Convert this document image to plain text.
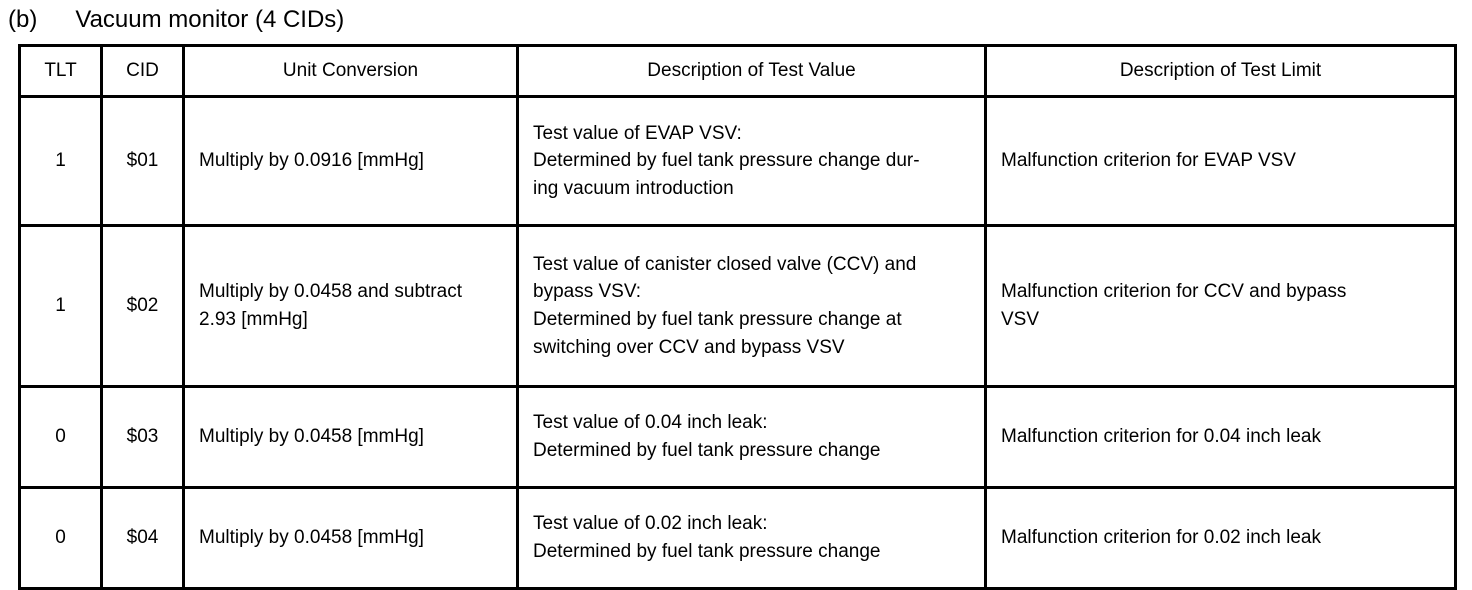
(b) Vacuum monitor (4 CIDs)
TLT	CID	Unit Conversion	Description of Test Value	Description of Test Limit
1	$01	Multiply by 0.0916 [mmHg]	Test value of EVAP VSV:
Determined by fuel tank pressure change dur-
ing vacuum introduction	Malfunction criterion for EVAP VSV

1	$02	Multiply by 0.0458 and subtract
2.93 [mmHg]	Test value of canister closed valve (CCV) and
bypass VSV:
Determined by fuel tank pressure change at
switching over CCV and bypass VSV	Malfunction criterion for CCV and bypass
VSV

0	$03	Multiply by 0.0458 [mmHg]	Test value of 0.04 inch leak:
Determined by fuel tank pressure change	Malfunction criterion for 0.04 inch leak

0	$04	Multiply by 0.0458 [mmHg]	Test value of 0.02 inch leak:
Determined by fuel tank pressure change	Malfunction criterion for 0.02 inch leak
